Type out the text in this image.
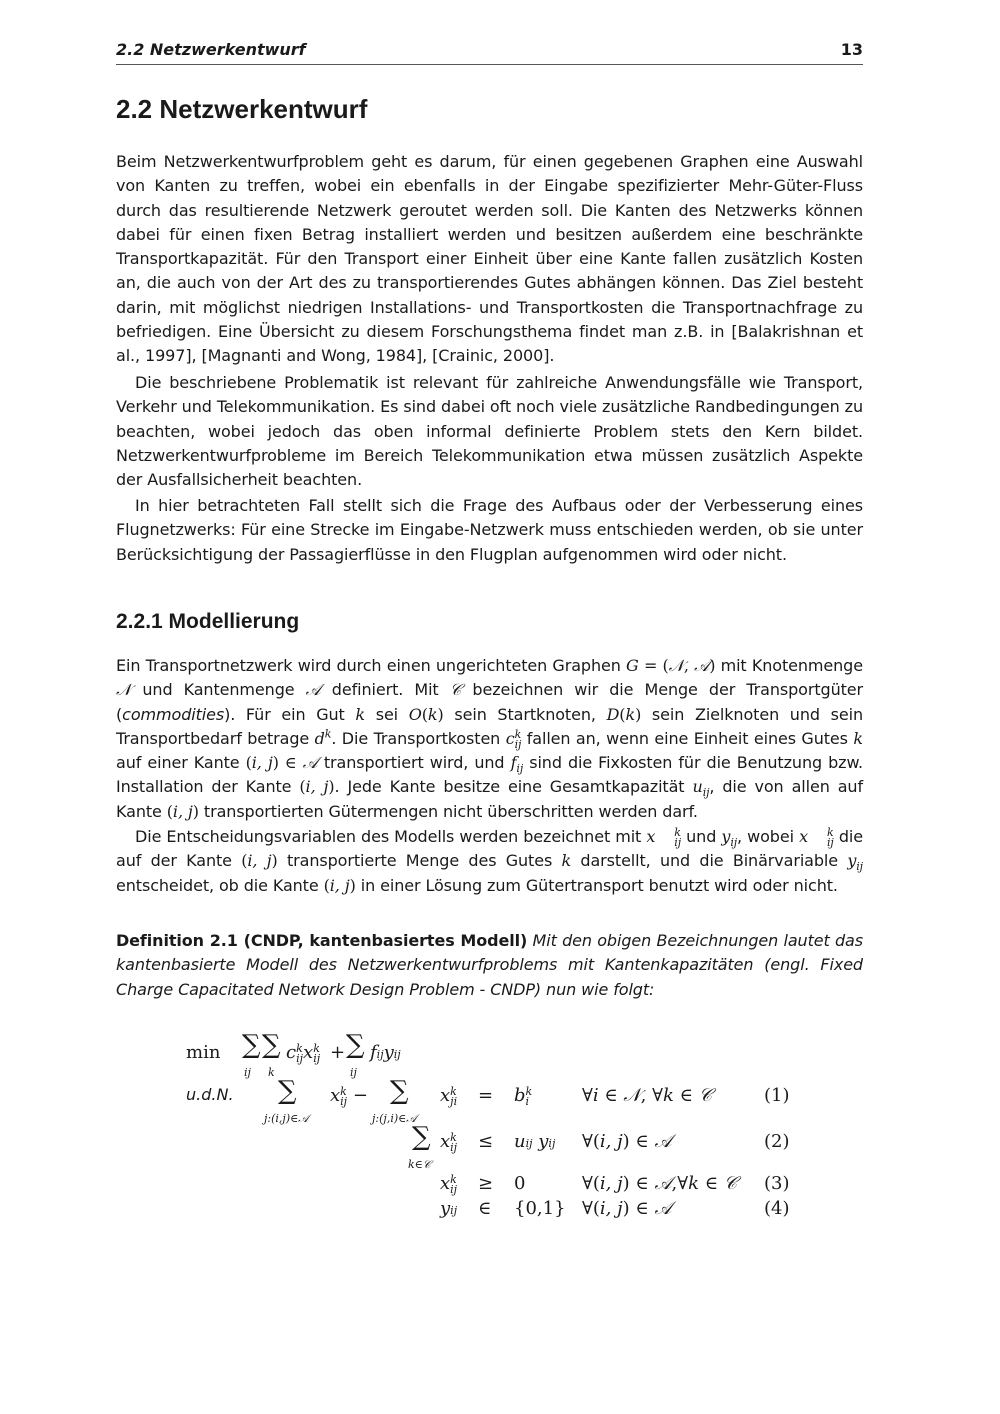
2.2 Netzwerkentwurf	13
2.2 Netzwerkentwurf

Beim Netzwerkentwurfproblem geht es darum, für einen gegebenen Graphen eine Auswahl von Kanten zu treffen, wobei ein ebenfalls in der Eingabe spezifizierter Mehr-Güter-Fluss durch das resultierende Netzwerk geroutet werden soll. Die Kanten des Netzwerks können dabei für einen fixen Betrag installiert werden und besitzen außerdem eine beschränkte Transportkapazität. Für den Transport einer Einheit über eine Kante fallen zusätzlich Kosten an, die auch von der Art des zu transportierendes Gutes abhängen können. Das Ziel besteht darin, mit möglichst niedrigen Installations- und Transportkosten die Transportnachfrage zu befriedigen. Eine Übersicht zu diesem Forschungsthema findet man z.B. in [Balakrishnan et al., 1997], [Magnanti and Wong, 1984], [Crainic, 2000].

Die beschriebene Problematik ist relevant für zahlreiche Anwendungsfälle wie Transport, Verkehr und Telekommunikation. Es sind dabei oft noch viele zusätzliche Randbedingungen zu beachten, wobei jedoch das oben informal definierte Problem stets den Kern bildet. Netzwerkentwurfprobleme im Bereich Telekommunikation etwa müssen zusätzlich Aspekte der Ausfallsicherheit beachten.

In hier betrachteten Fall stellt sich die Frage des Aufbaus oder der Verbesserung eines Flugnetzwerks: Für eine Strecke im Eingabe-Netzwerk muss entschieden werden, ob sie unter Berücksichtigung der Passagierflüsse in den Flugplan aufgenommen wird oder nicht.

2.2.1 Modellierung

Ein Transportnetzwerk wird durch einen ungerichteten Graphen G = (𝒩, 𝒜) mit Knotenmenge 𝒩 und Kantenmenge 𝒜 definiert. Mit 𝒞 bezeichnen wir die Menge der Transportgüter (commodities). Für ein Gut k sei O(k) sein Startknoten, D(k) sein Zielknoten und sein Transportbedarf betrage $d^k$. Die Transportkosten c k
ij fallen an, wenn eine Einheit eines Gutes k auf einer Kante (i, j) ∈ 𝒜 transportiert wird, und $f_{ij}$ sind die Fixkosten für die Benutzung bzw. Installation der Kante (i, j). Jede Kante besitze eine Gesamtkapazität $u_{ij}$, die von allen auf Kante (i, j) transportierten Gütermengen nicht überschritten werden darf.

Die Entscheidungsvariablen des Modells werden bezeichnet mit x	k
ij und $y_{ij}$, wobei x	k
ij die auf der Kante (i, j) transportierte Menge des Gutes k darstellt, und die Binärvariable $y_{ij}$ entscheidet, ob die Kante (i, j) in einer Lösung zum Gütertransport benutzt wird oder nicht.

Definition 2.1 (CNDP, kantenbasiertes Modell) Mit den obigen Bezeichnungen lautet das kantenbasierte Modell des Netzwerkentwurfproblems mit Kantenkapazitäten (engl. Fixed Charge Capacitated Network Design Problem - CNDP) nun wie folgt:

min ∑
ij
∑
k
c k
ij x k
ij + ∑
ij
fijyij
u.d.N. ∑
j:(i,j)∈𝒜
x k
ij − ∑
j:(j,i)∈𝒜
x k
ji = b k
i	∀i ∈ 𝒩, ∀k ∈ 𝒞	(1)
∑
k∈𝒞
x k
ij ≤ uij yij ∀(i, j) ∈ 𝒜	(2)
x k
ij ≥ 0	∀(i, j) ∈ 𝒜,∀k ∈ 𝒞 (3)
yij ∈ {0,1} ∀(i, j) ∈ 𝒜	(4)
